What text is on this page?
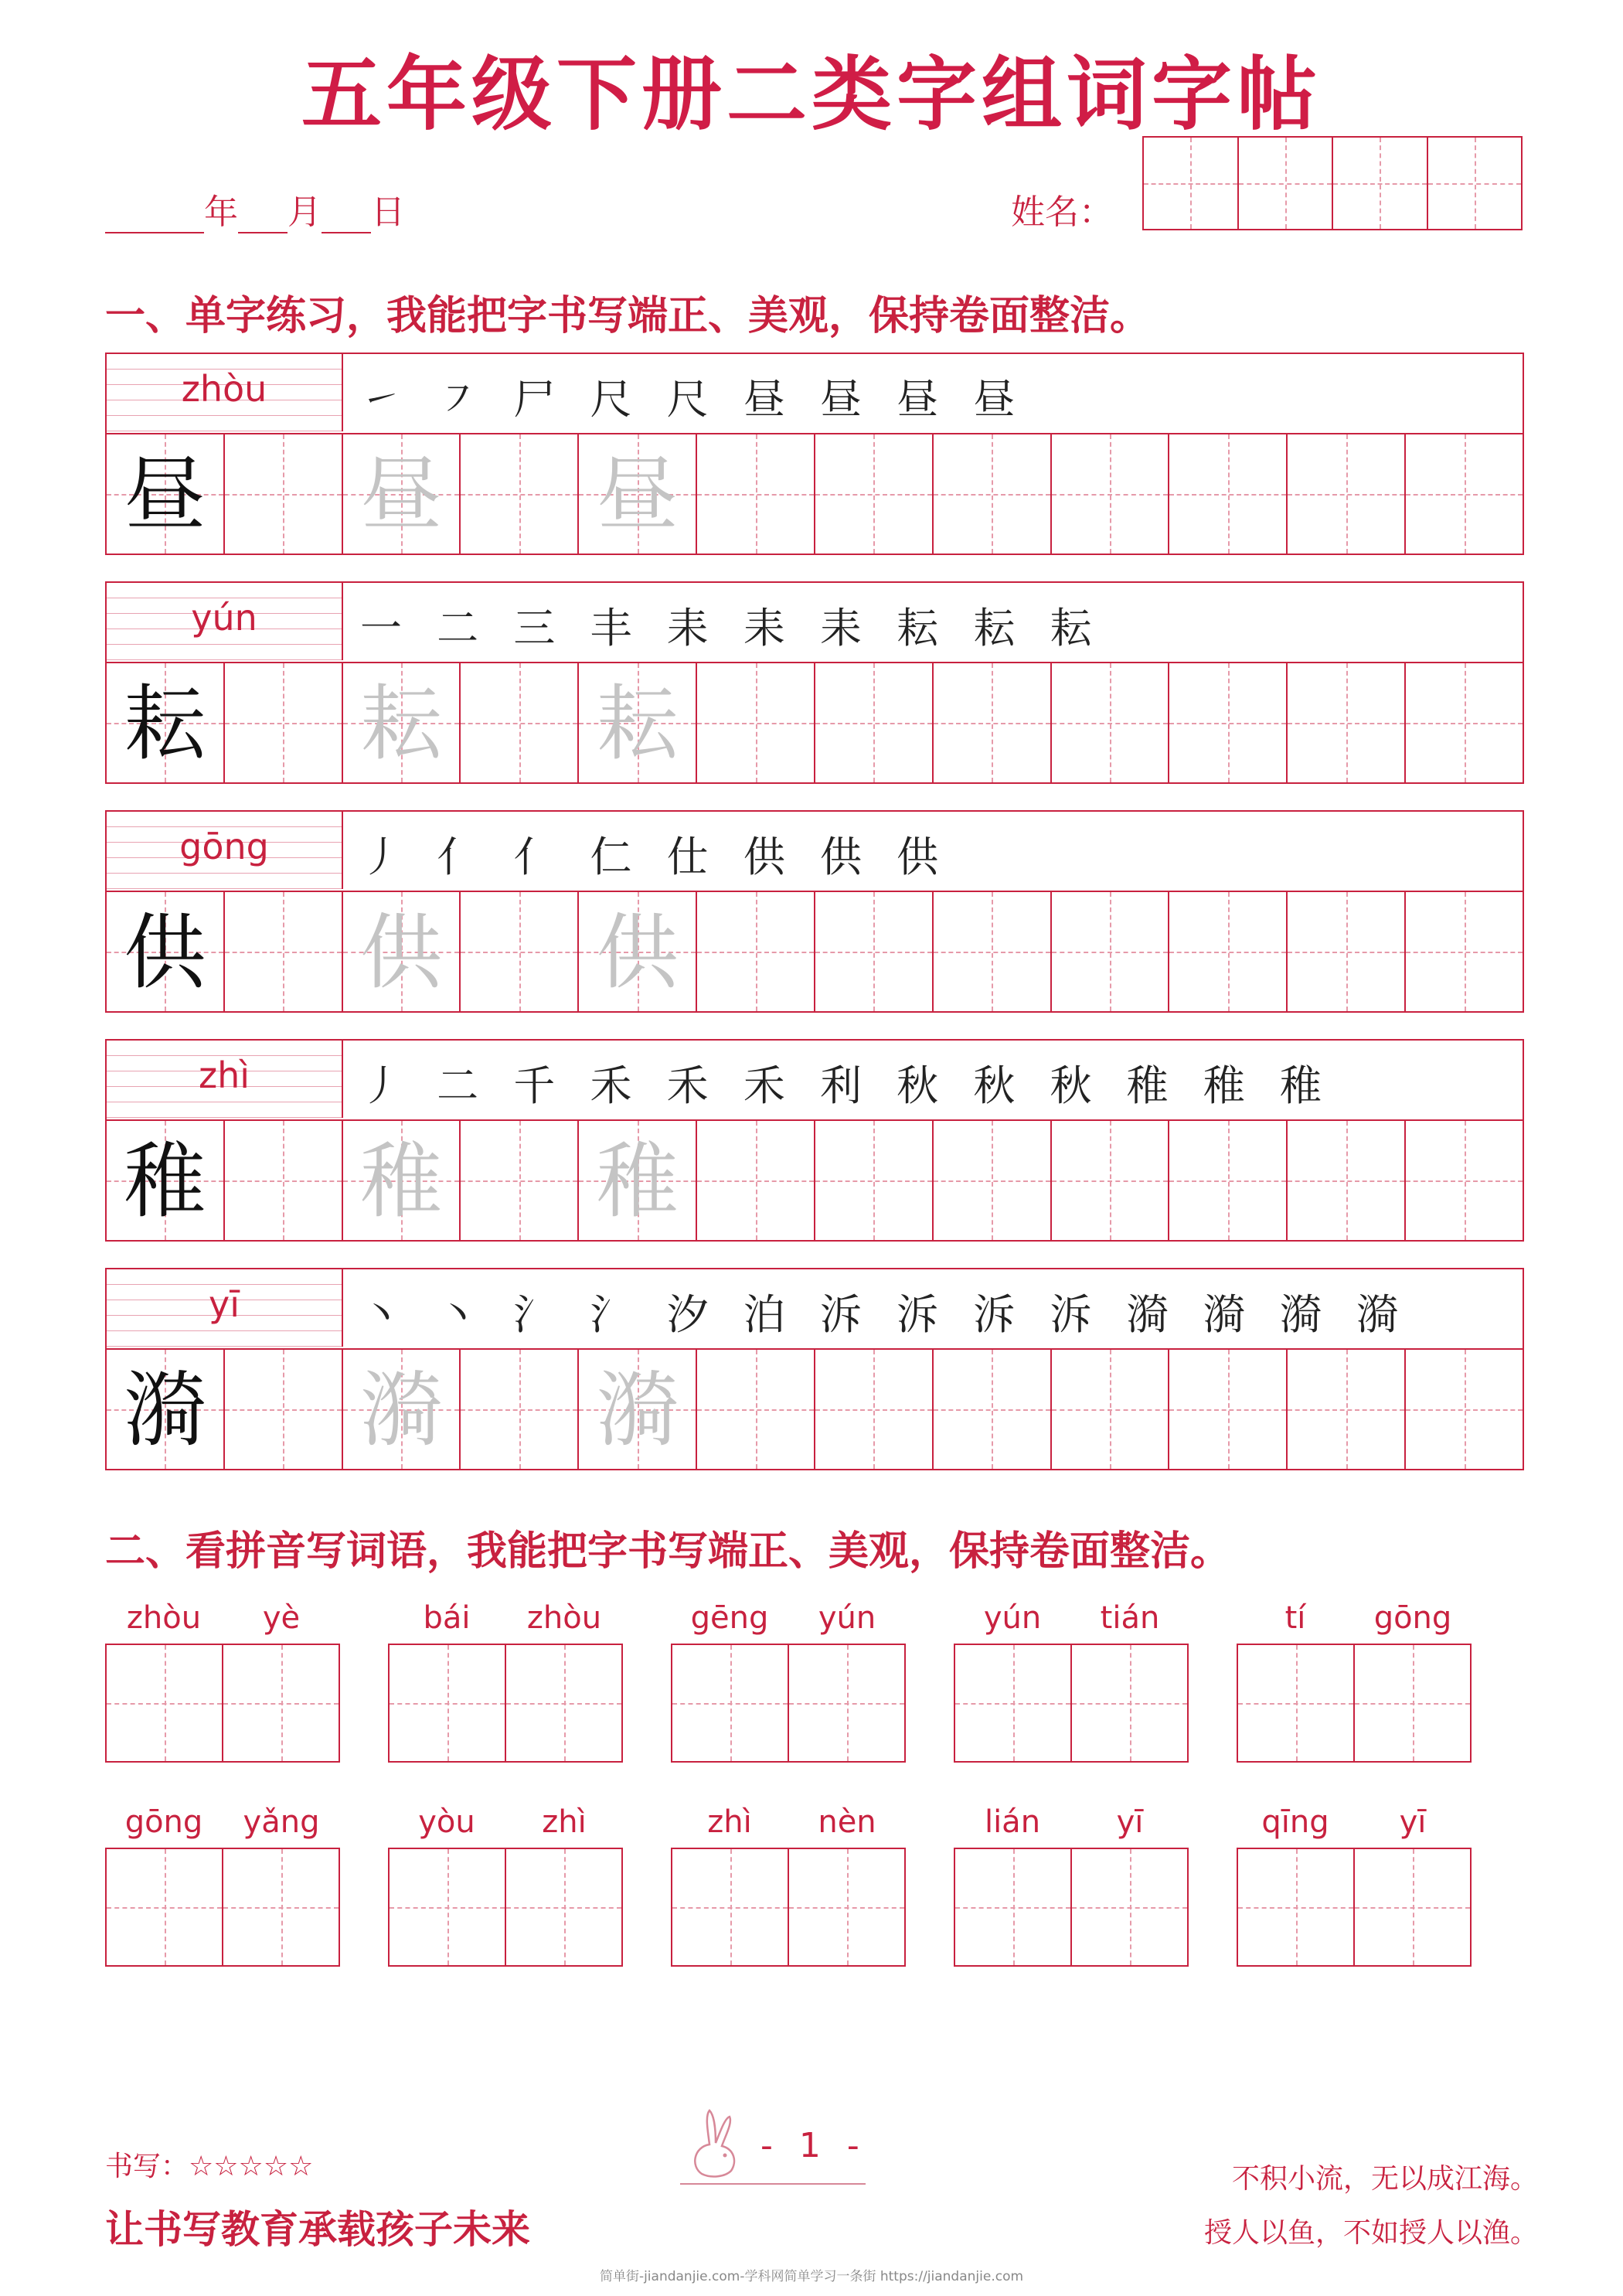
五年级下册二类字组词字帖
年 月 日	姓名：
一、单字练习，我能把字书写端正、美观，保持卷面整洁。
zhòu	㇀ ㇇ 尸 尺 尺 昼 昼 昼 昼
昼 昼 昼
yún	一 二 三 丰 耒 耒 耒 耘 耘 耘
耘 耘 耘
gōng	丿 亻 亻 仁 仕 供 供 供
供 供 供
zhì	丿 二 千 禾 禾 禾 利 秋 秋 秋 稚 稚 稚
稚 稚 稚
yī	丶 丶 氵 氵 汐 泊 泝 泝 泝 泝 漪 漪 漪 漪
漪 漪 漪
二、看拼音写词语，我能把字书写端正、美观，保持卷面整洁。
zhòu	yè	bái	zhòu	gēng	yún	yún	tián	tí	gōng
gōng	yǎng	yòu	zhì	zhì	nèn	lián	yī	qīng	yī
书写：☆☆☆☆☆
让书写教育承载孩子未来
- 1 -
不积小流，无以成江海。
授人以鱼，不如授人以渔。
简单街-jiandanjie.com-学科网简单学习一条街 https://jiandanjie.com
